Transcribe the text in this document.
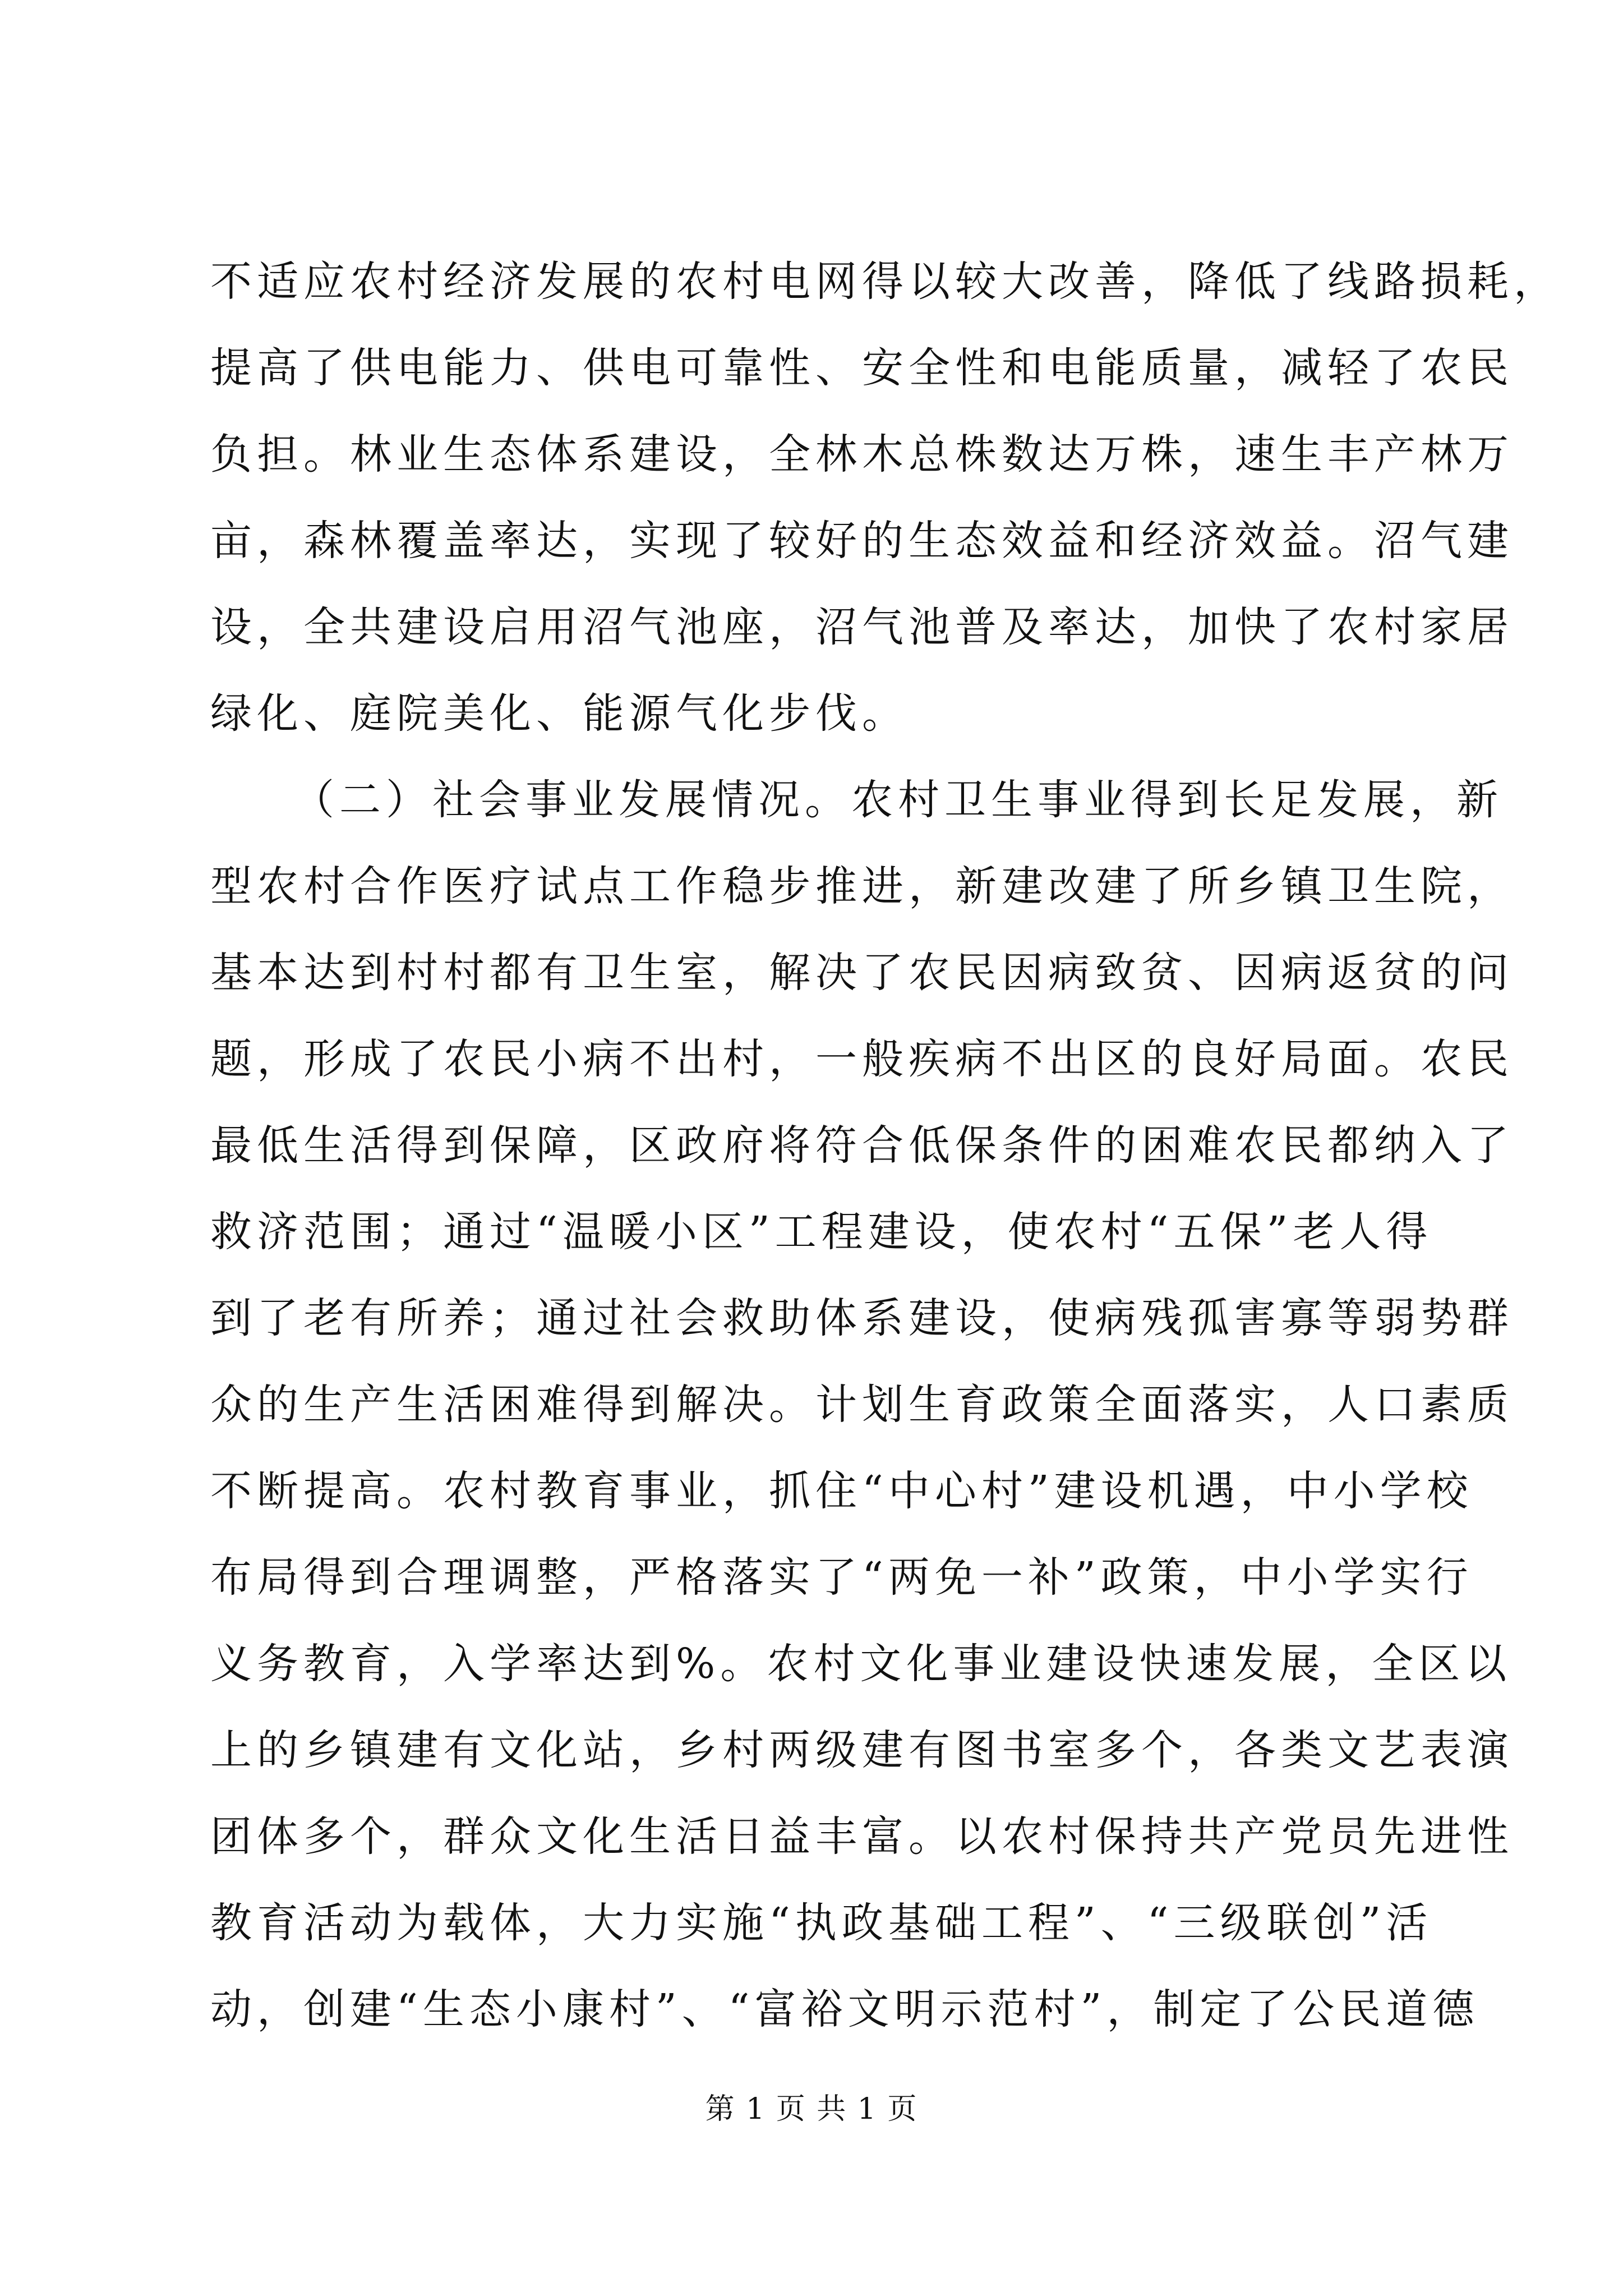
不适应农村经济发展的农村电网得以较大改善，降低了线路损耗，
提高了供电能力、供电可靠性、安全性和电能质量，减轻了农民
负担。林业生态体系建设，全林木总株数达万株，速生丰产林万
亩，森林覆盖率达，实现了较好的生态效益和经济效益。沼气建
设，全共建设启用沼气池座，沼气池普及率达，加快了农村家居
绿化、庭院美化、能源气化步伐。
（二）社会事业发展情况。农村卫生事业得到长足发展，新
型农村合作医疗试点工作稳步推进，新建改建了所乡镇卫生院，
基本达到村村都有卫生室，解决了农民因病致贫、因病返贫的问
题，形成了农民小病不出村，一般疾病不出区的良好局面。农民
最低生活得到保障，区政府将符合低保条件的困难农民都纳入了
救济范围；通过“温暖小区”工程建设，使农村“五保”老人得
到了老有所养；通过社会救助体系建设，使病残孤害寡等弱势群
众的生产生活困难得到解决。计划生育政策全面落实，人口素质
不断提高。农村教育事业，抓住“中心村”建设机遇，中小学校
布局得到合理调整，严格落实了“两免一补”政策，中小学实行
义务教育，入学率达到%。农村文化事业建设快速发展，全区以
上的乡镇建有文化站，乡村两级建有图书室多个，各类文艺表演
团体多个，群众文化生活日益丰富。以农村保持共产党员先进性
教育活动为载体，大力实施“执政基础工程”、“三级联创”活
动，创建“生态小康村”、“富裕文明示范村”，制定了公民道德
第 1 页 共 1 页
